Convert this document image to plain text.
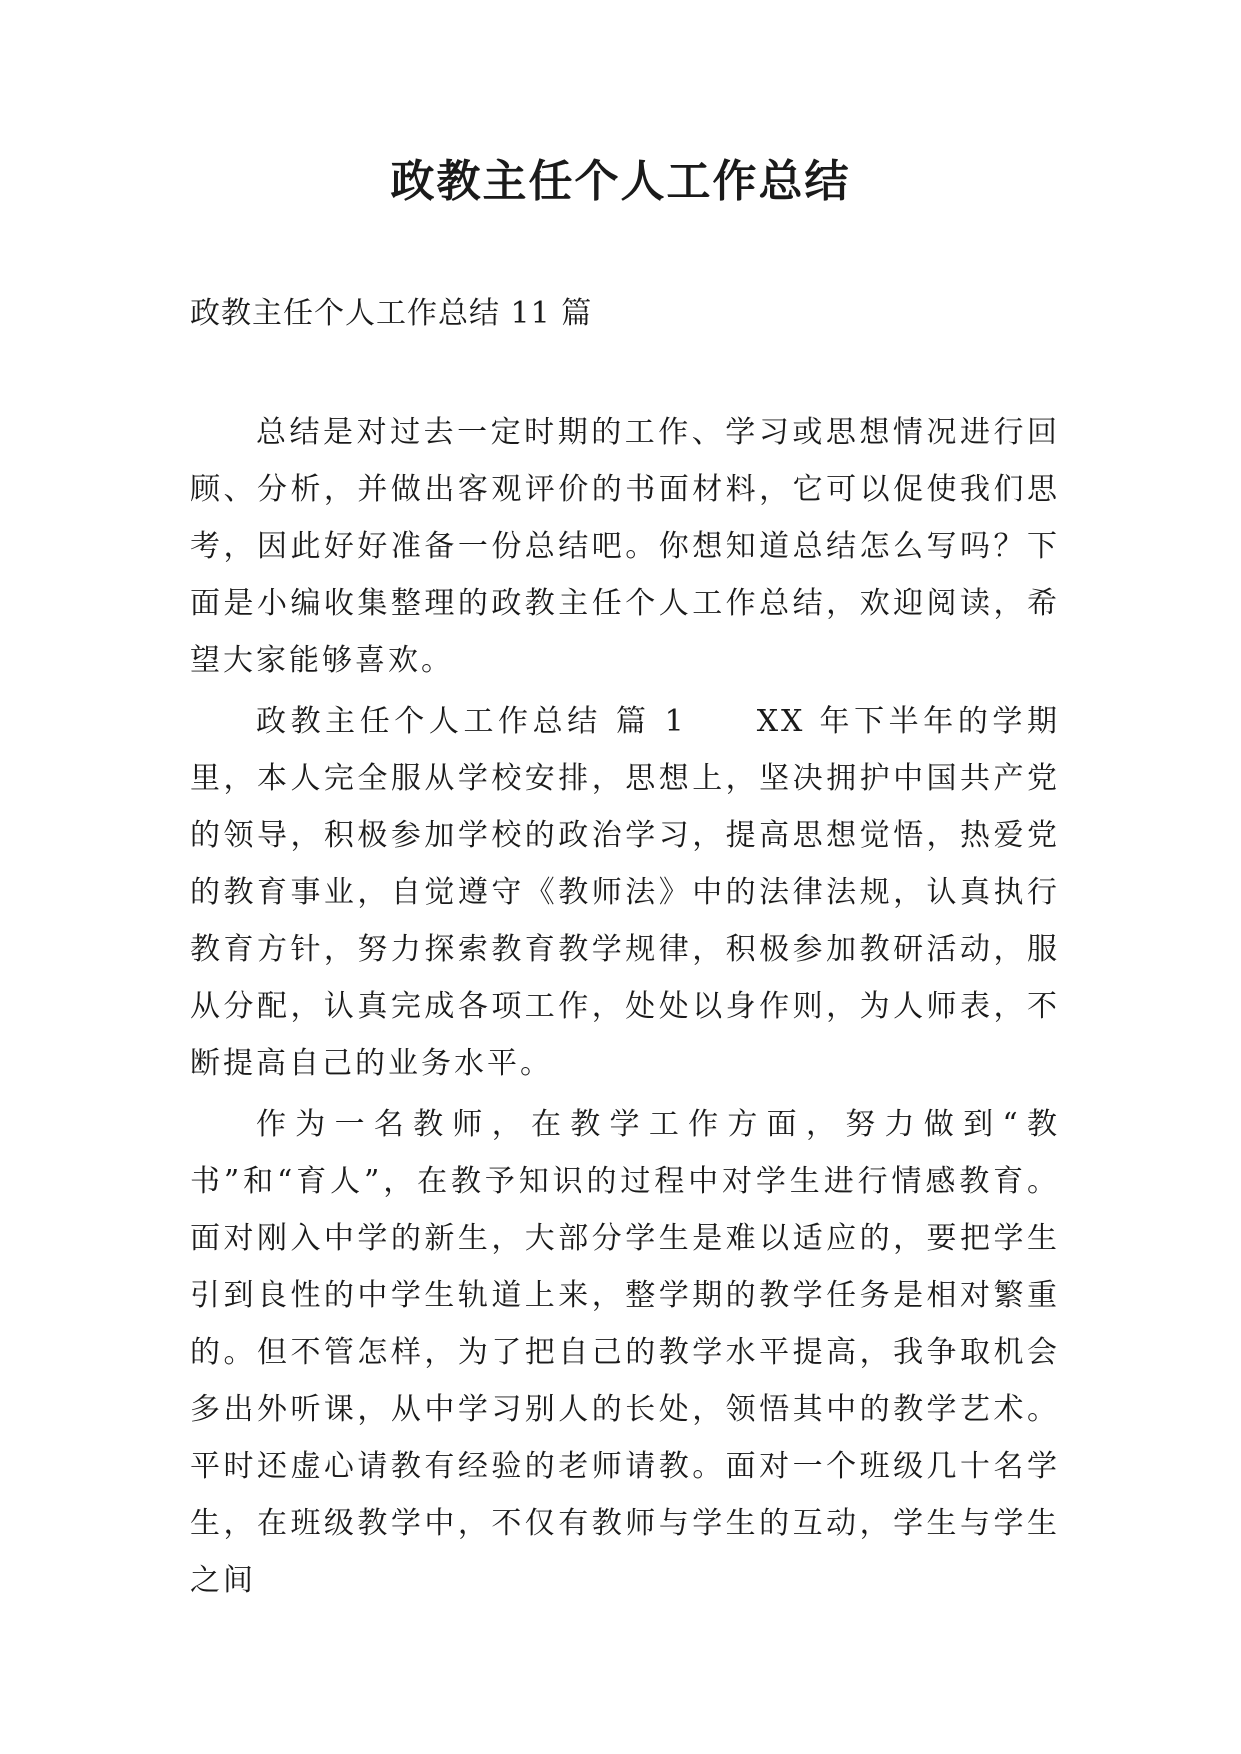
政教主任个人工作总结

政教主任个人工作总结 11 篇

总结是对过去一定时期的工作、学习或思想情况进行回顾、分析，并做出客观评价的书面材料，它可以促使我们思考，因此好好准备一份总结吧。你想知道总结怎么写吗？下面是小编收集整理的政教主任个人工作总结，欢迎阅读，希望大家能够喜欢。

政教主任个人工作总结 篇 1 XX 年下半年的学期里，本人完全服从学校安排，思想上，坚决拥护中国共产党的领导，积极参加学校的政治学习，提高思想觉悟，热爱党的教育事业，自觉遵守《教师法》中的法律法规，认真执行教育方针，努力探索教育教学规律，积极参加教研活动，服从分配，认真完成各项工作，处处以身作则，为人师表，不断提高自己的业务水平。

作为一名教师，在教学工作方面，努力做到“教书”和“育人”，在教予知识的过程中对学生进行情感教育。面对刚入中学的新生，大部分学生是难以适应的，要把学生引到良性的中学生轨道上来，整学期的教学任务是相对繁重的。但不管怎样，为了把自己的教学水平提高，我争取机会多出外听课，从中学习别人的长处，领悟其中的教学艺术。平时还虚心请教有经验的老师请教。面对一个班级几十名学生，在班级教学中，不仅有教师与学生的互动，学生与学生之间
